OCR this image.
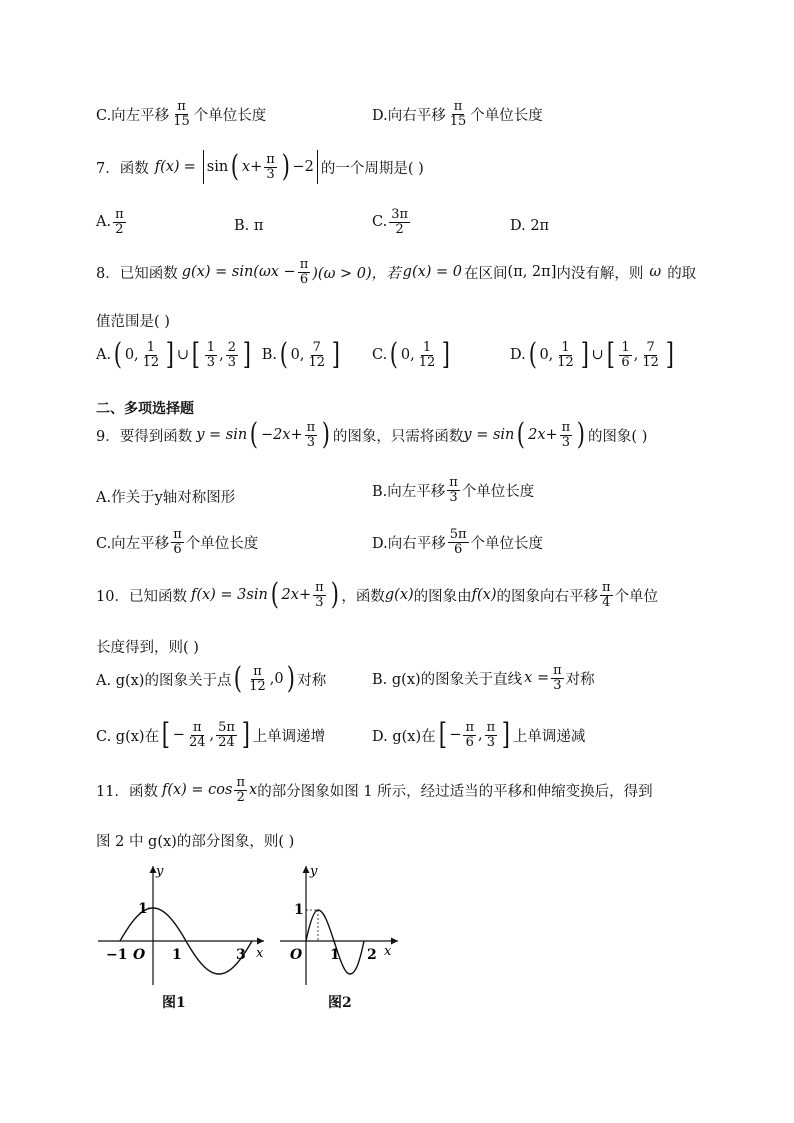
C.向左平移 $\frac{\pi}{15}$ 个单位长度	D.向右平移 $\frac{\pi}{15}$ 个单位长度
7．函数 f(x) = sin ( $x+ \frac{\pi}{3}$ ) −2 的一个周期是( )
A. $\frac{\pi}{2}$	B. π	C. $\frac{3\pi}{2}$	D. 2π
8．已知函数 $g(x) = \sin(\omega x - \frac{\pi}{6} )(\omega > 0)$，若 g(x) = 0 在区间 (π, 2π] 内没有解，则 ω 的取
值范围是( )
A. ( 0, $\frac{1}{12}$ ] ∪ [ $\frac{1}{3}$ , $\frac{2}{3}$ ] B. ( 0, $\frac{7}{12}$ ] C. ( 0, $\frac{1}{12}$ ]	D. ( 0, $\frac{1}{12}$ ] ∪ [ $\frac{1}{6}$ , $\frac{7}{12}$ ]
二、多项选择题
9．要得到函数 y = sin ( $-2x+ \frac{\pi}{3}$ ) 的图象，只需将函数 y = sin ( $2x+ \frac{\pi}{3}$ ) 的图象( )
A.作关于y轴对称图形	B.向左平移 $\frac{\pi}{3}$ 个单位长度
C.向左平移 $\frac{\pi}{6}$ 个单位长度	D.向右平移 $\frac{5\pi}{6}$ 个单位长度
10．已知函数 f(x) = 3sin ( $2x+ \frac{\pi}{3}$ ) ，函数 g(x) 的图象由 f(x) 的图象向右平移 $\frac{\pi}{4}$ 个单位
长度得到，则( )
A. g(x)的图象关于点 ( $\frac{\pi}{12} ,0$ ) 对称	B. g(x)的图象关于直线 $x = \frac{\pi}{3}$ 对称
C. g(x)在 [ − $\frac{\pi}{24}$ , $\frac{5\pi}{24}$ ] 上单调递增	D. g(x)在 [ − $\frac{\pi}{6}$ , $\frac{\pi}{3}$ ] 上单调递减
11．函数 $f(x) = \cos \frac{\pi}{2}$ x 的部分图象如图 1 所示，经过适当的平移和伸缩变换后，得到
图 2 中 g(x)的部分图象，则( )
y
x
O
−1	1	3
1
图1
y
x
O 1 2
1
图2
